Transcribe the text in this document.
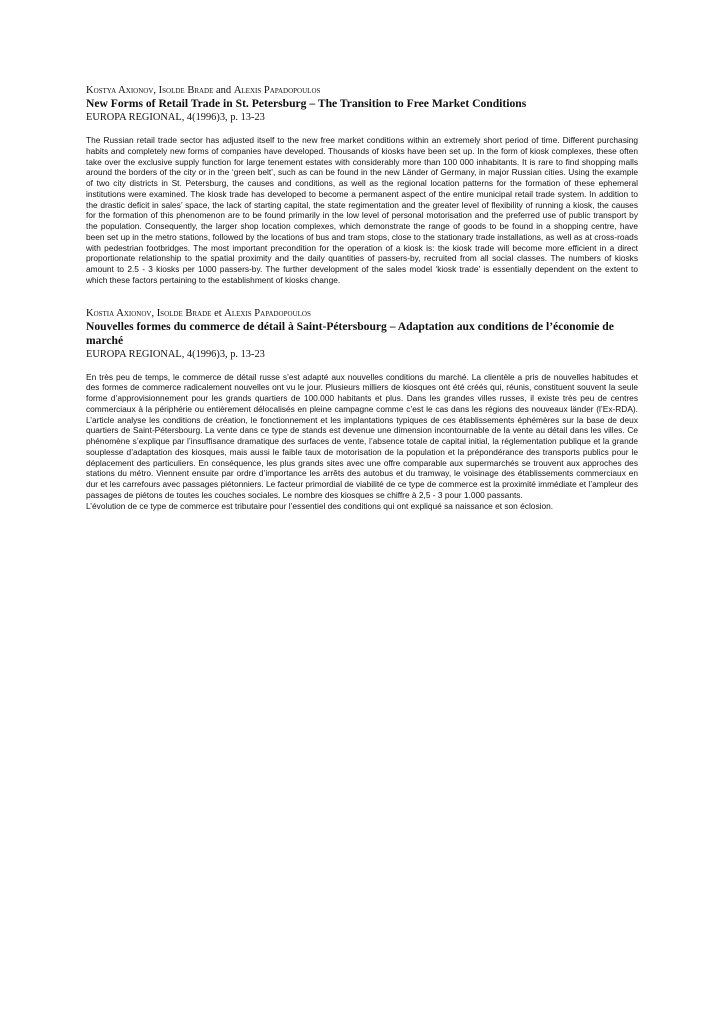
Kostya Axionov, Isolde Brade and Alexis Papadopoulos

New Forms of Retail Trade in St. Petersburg – The Transition to Free Market Conditions

EUROPA REGIONAL, 4(1996)3, p. 13-23

The Russian retail trade sector has adjusted itself to the new free market conditions within an extremely short period of time. Different purchasing habits and completely new forms of companies have developed. Thousands of kiosks have been set up. In the form of kiosk complexes, these often take over the exclusive supply function for large tenement estates with considerably more than 100 000 inhabitants. It is rare to find shopping malls around the borders of the city or in the ‘green belt’, such as can be found in the new Länder of Germany, in major Russian cities. Using the example of two city districts in St. Petersburg, the causes and conditions, as well as the regional location patterns for the formation of these ephemeral institutions were examined. The kiosk trade has developed to become a permanent aspect of the entire municipal retail trade system. In addition to the drastic deficit in sales’ space, the lack of starting capital, the state regimentation and the greater level of flexibility of running a kiosk, the causes for the formation of this phenomenon are to be found primarily in the low level of personal motorisation and the preferred use of public transport by the population. Consequently, the larger shop location complexes, which demonstrate the range of goods to be found in a shopping centre, have been set up in the metro stations, followed by the locations of bus and tram stops, close to the stationary trade installations, as well as at cross-roads with pedestrian footbridges. The most important precondition for the operation of a kiosk is: the kiosk trade will become more efficient in a direct proportionate relationship to the spatial proximity and the daily quantities of passers-by, recruited from all social classes. The numbers of kiosks amount to 2.5 - 3 kiosks per 1000 passers-by. The further development of the sales model ‘kiosk trade’ is essentially dependent on the extent to which these factors pertaining to the establishment of kiosks change.

Kostia Axionov, Isolde Brade et Alexis Papadopoulos

Nouvelles formes du commerce de détail à Saint-Pétersbourg – Adaptation aux conditions de l’économie de marché

EUROPA REGIONAL, 4(1996)3, p. 13-23

En très peu de temps, le commerce de détail russe s’est adapté aux nouvelles conditions du marché. La clientèle a pris de nouvelles habitudes et des formes de commerce radicalement nouvelles ont vu le jour. Plusieurs milliers de kiosques ont été créés qui, réunis, constituent souvent la seule forme d’approvisionnement pour les grands quartiers de 100.000 habitants et plus. Dans les grandes villes russes, il existe très peu de centres commerciaux à la périphérie ou entièrement délocalisés en pleine campagne comme c’est le cas dans les régions des nouveaux länder (l’Ex-RDA). L’article analyse les conditions de création, le fonctionnement et les implantations typiques de ces établissements éphémères sur la base de deux quartiers de Saint-Pétersbourg. La vente dans ce type de stands est devenue une dimension incontournable de la vente au détail dans les villes. Ce phénomène s’explique par l’insuffisance dramatique des surfaces de vente, l’absence totale de capital initial, la réglementation publique et la grande souplesse d’adaptation des kiosques, mais aussi le faible taux de motorisation de la population et la prépondérance des transports publics pour le déplacement des particuliers. En conséquence, les plus grands sites avec une offre comparable aux supermarchés se trouvent aux approches des stations du métro. Viennent ensuite par ordre d’importance les arrêts des autobus et du tramway, le voisinage des établissements commerciaux en dur et les carrefours avec passages piétonniers. Le facteur primordial de viabilité de ce type de commerce est la proximité immédiate et l’ampleur des passages de piétons de toutes les couches sociales. Le nombre des kiosques se chiffre à 2,5 - 3 pour 1.000 passants.
L’évolution de ce type de commerce est tributaire pour l’essentiel des conditions qui ont expliqué sa naissance et son éclosion.
